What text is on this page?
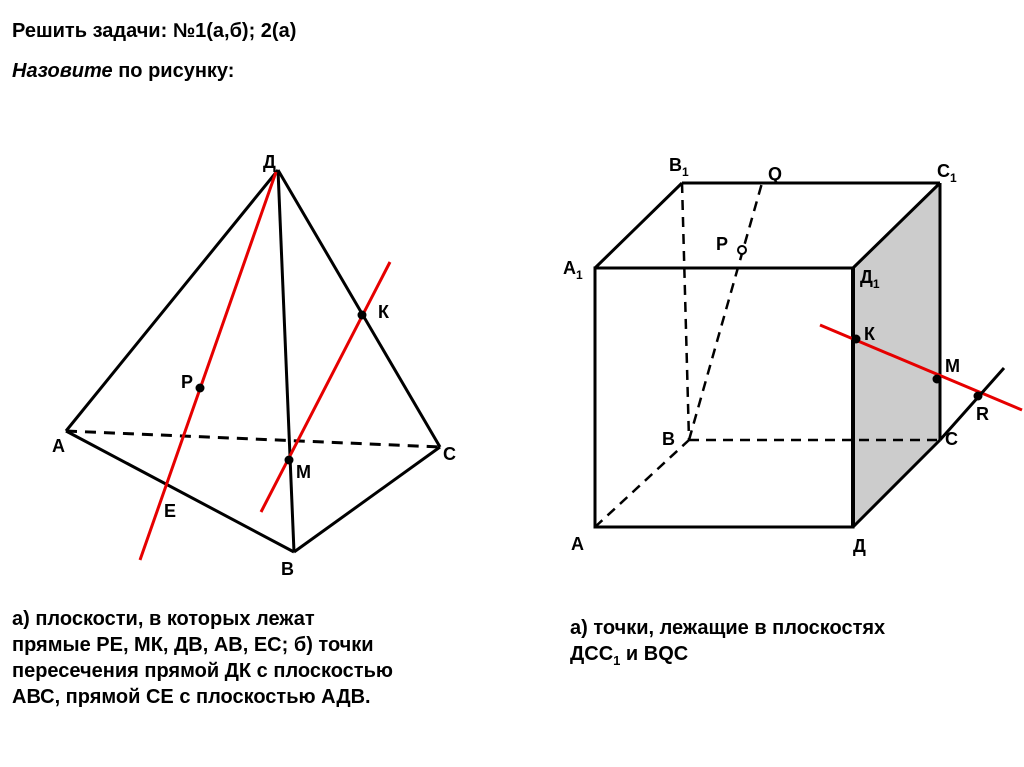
Решить задачи: №1(а,б); 2(а)
Назовите по рисунку:
Д
А
В
С
Р
К
М
Е
$В_1$	Q	$С_1$
Р
$А_1$	$Д_1$
К
М
R
В	С
А	Д
а) плоскости, в которых лежат
прямые РЕ, МК, ДВ, АВ, ЕС; б) точки
пересечения прямой ДК с плоскостью
АВС, прямой СЕ с плоскостью АДВ.
а) точки, лежащие в плоскостях
$ДСС_1$ и BQC
